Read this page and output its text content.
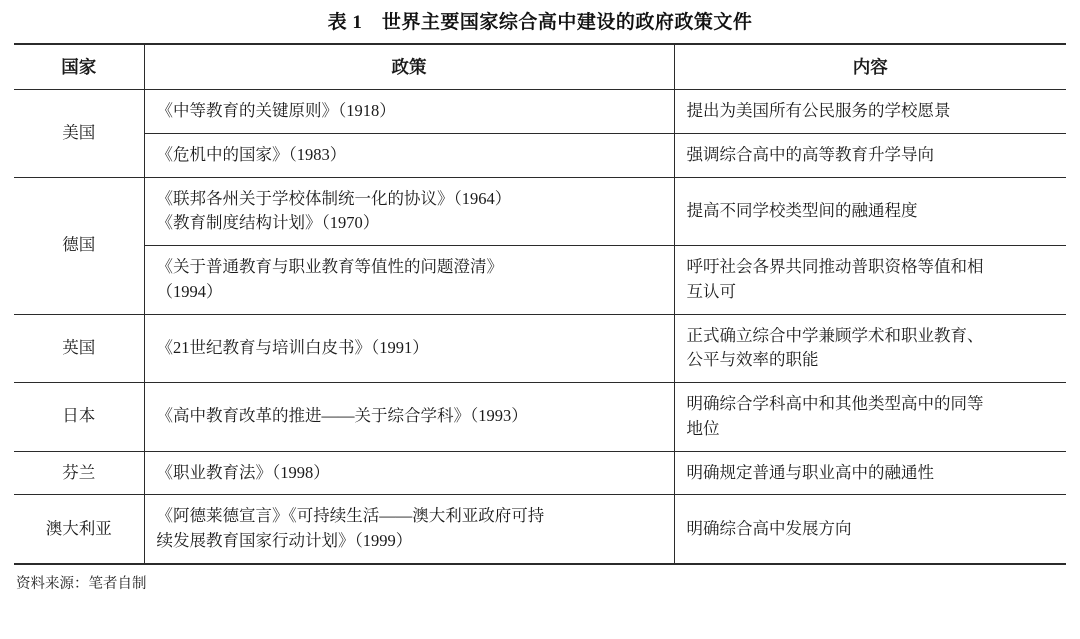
表 1　世界主要国家综合高中建设的政府政策文件
国家	政策	内容
美国	《中等教育的关键原则》（1918）	提出为美国所有公民服务的学校愿景

	《危机中的国家》（1983）	强调综合高中的高等教育升学导向

德国	《联邦各州关于学校体制统一化的协议》（1964）
《教育制度结构计划》（1970）	提高不同学校类型间的融通程度

	《关于普通教育与职业教育等值性的问题澄清》
（1994）	呼吁社会各界共同推动普职资格等值和相
互认可

英国	《21世纪教育与培训白皮书》（1991）	正式确立综合中学兼顾学术和职业教育、
公平与效率的职能

日本	《高中教育改革的推进——关于综合学科》（1993）	明确综合学科高中和其他类型高中的同等
地位

芬兰	《职业教育法》（1998）	明确规定普通与职业高中的融通性

澳大利亚	《阿德莱德宣言》《可持续生活——澳大利亚政府可持
续发展教育国家行动计划》（1999）	明确综合高中发展方向
资料来源：笔者自制
